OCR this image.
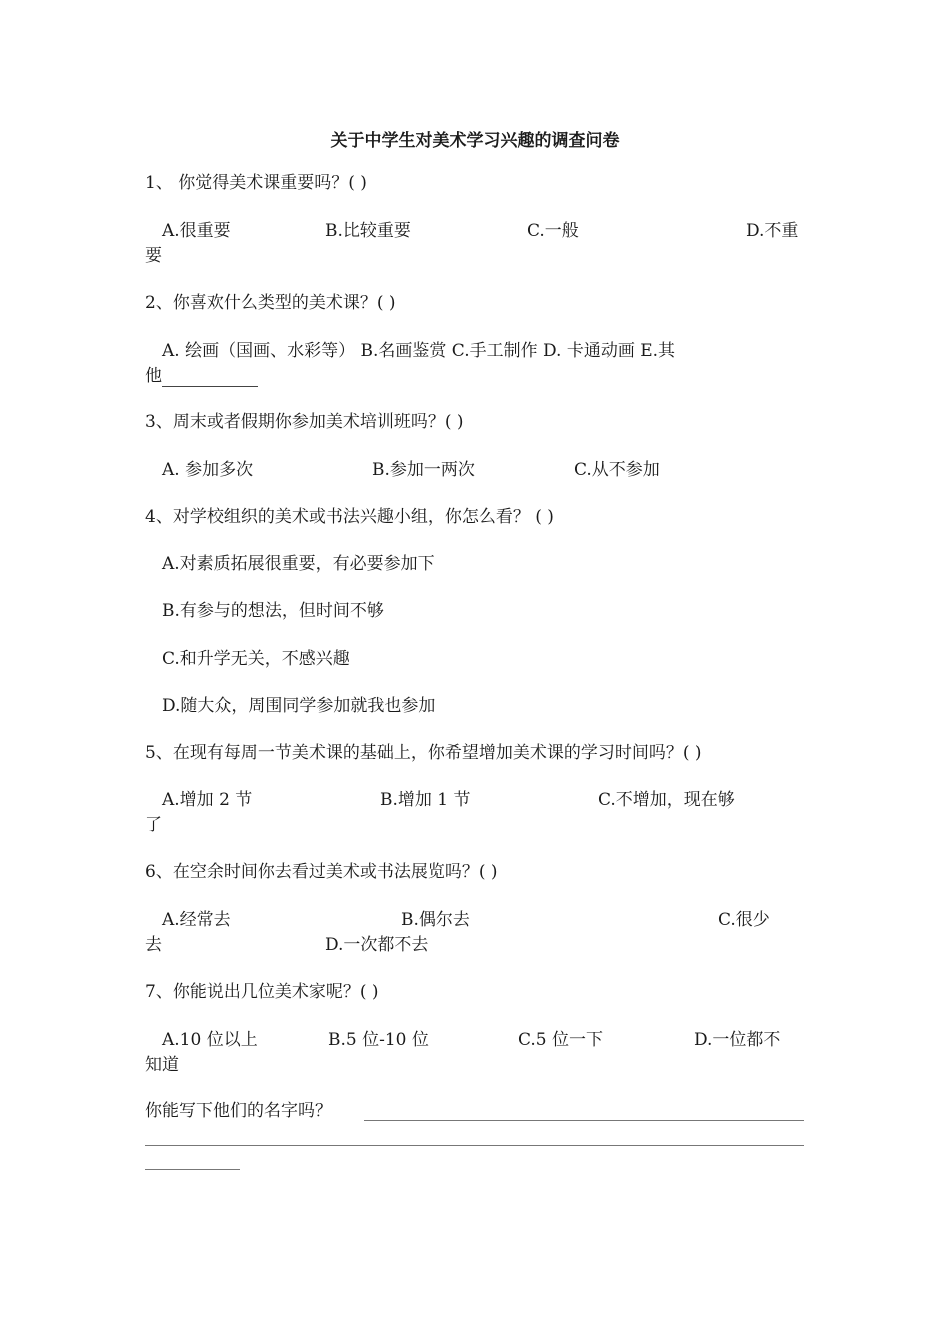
关于中学生对美术学习兴趣的调查问卷
1、 你觉得美术课重要吗？( )
A.很重要	B.比较重要	C.一般	D.不重
要
2、你喜欢什么类型的美术课？( )
A. 绘画（国画、水彩等） B.名画鉴赏 C.手工制作 D. 卡通动画 E.其
他
3、周末或者假期你参加美术培训班吗？( )
A. 参加多次	B.参加一两次	C.从不参加
4、对学校组织的美术或书法兴趣小组，你怎么看？ ( )
A.对素质拓展很重要，有必要参加下
B.有参与的想法，但时间不够
C.和升学无关，不感兴趣
D.随大众，周围同学参加就我也参加
5、在现有每周一节美术课的基础上，你希望增加美术课的学习时间吗？( )
A.增加 2 节	B.增加 1 节	C.不增加，现在够
了
6、在空余时间你去看过美术或书法展览吗？( )
A.经常去	B.偶尔去	C.很少
去	D.一次都不去
7、你能说出几位美术家呢？( )
A.10 位以上	B.5 位-10 位	C.5 位一下	D.一位都不
知道
你能写下他们的名字吗？
